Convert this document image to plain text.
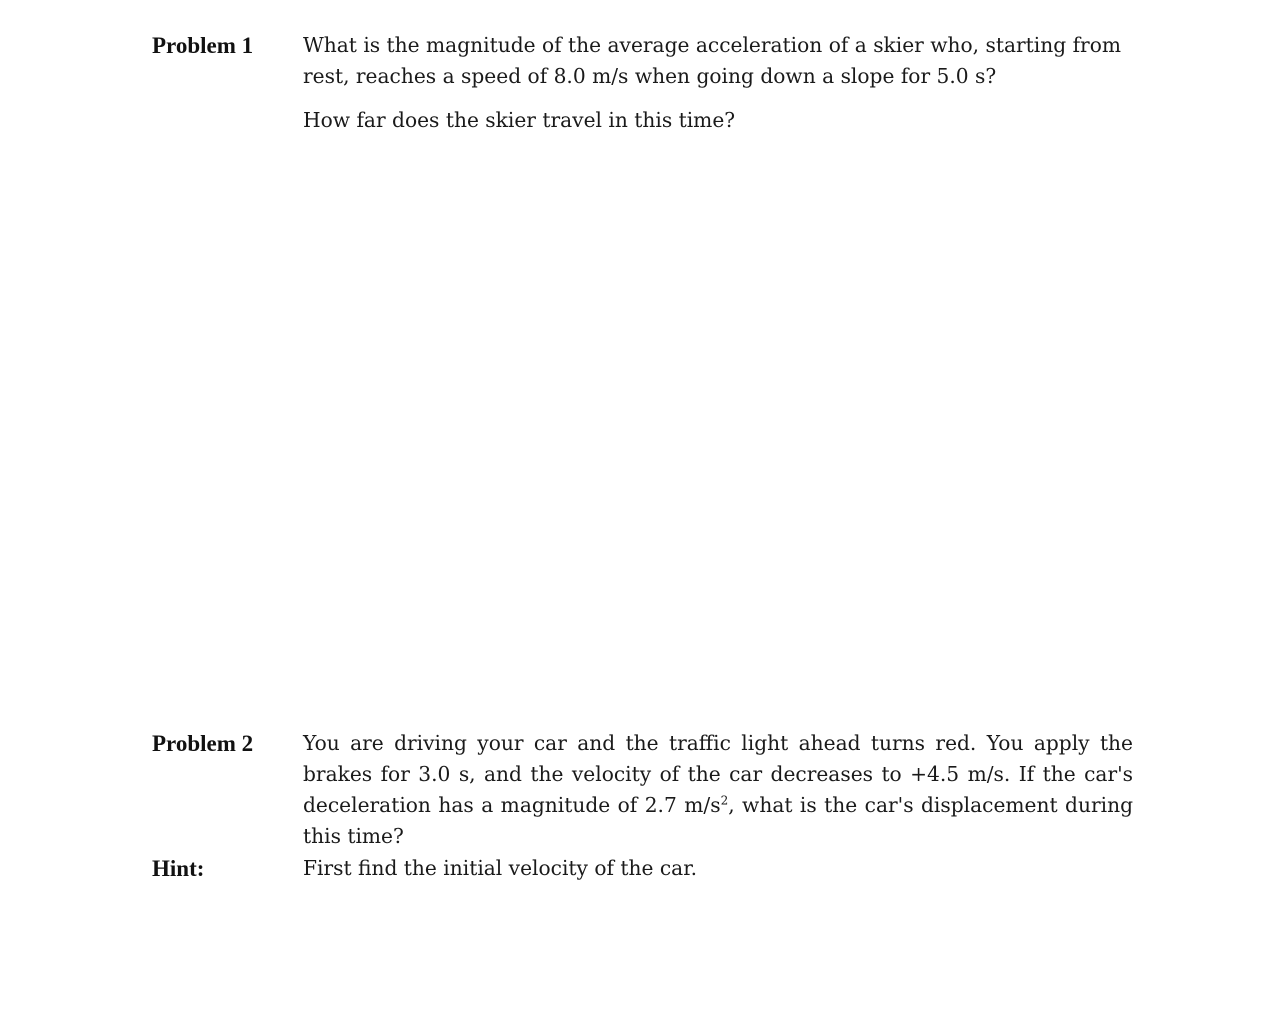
Problem 1 What is the magnitude of the average acceleration of a skier who, starting from
rest, reaches a speed of 8.0 m/s when going down a slope for 5.0 s?
How far does the skier travel in this time?
Problem 2 You are driving your car and the traffic light ahead turns red. You apply the brakes for 3.0 s, and the velocity of the car decreases to +4.5 m/s. If the car's deceleration has a magnitude of 2.7 $m/s^2$, what is the car's displacement during this time?

Hint:	First find the initial velocity of the car.
